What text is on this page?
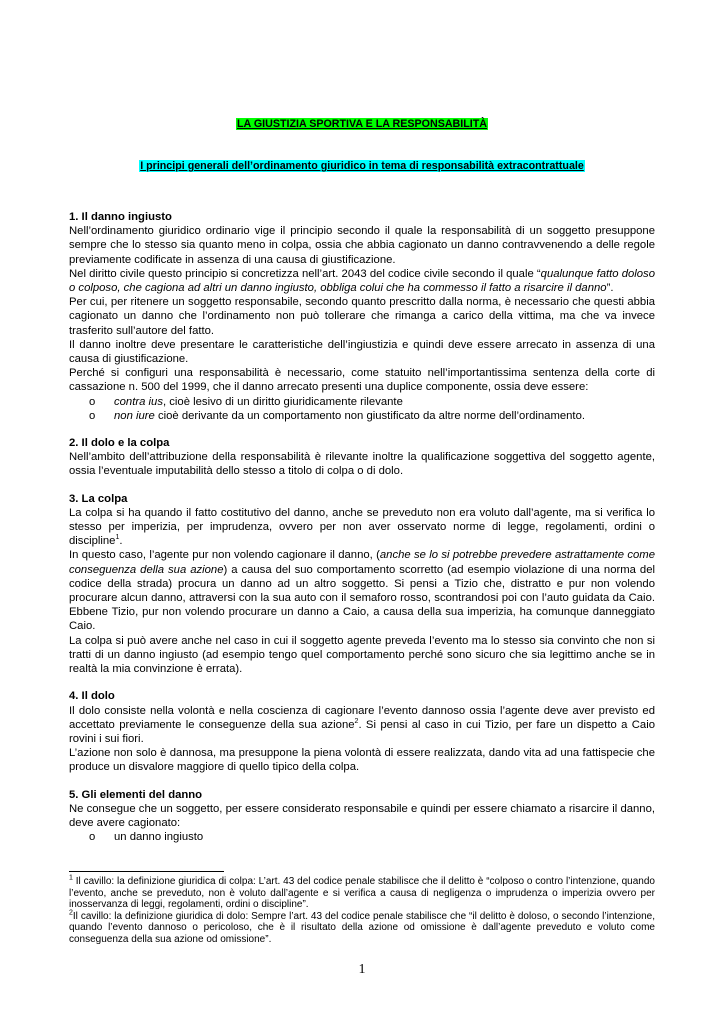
LA GIUSTIZIA SPORTIVA E LA RESPONSABILITÀ
I principi generali dell’ordinamento giuridico in tema di responsabilità extracontrattuale
1. Il danno ingiusto

Nell’ordinamento giuridico ordinario vige il principio secondo il quale la responsabilità di un soggetto presuppone sempre che lo stesso sia quanto meno in colpa, ossia che abbia cagionato un danno contravvenendo a delle regole previamente codificate in assenza di una causa di giustificazione.

Nel diritto civile questo principio si concretizza nell’art. 2043 del codice civile secondo il quale “qualunque fatto doloso o colposo, che cagiona ad altri un danno ingiusto, obbliga colui che ha commesso il fatto a risarcire il danno”.

Per cui, per ritenere un soggetto responsabile, secondo quanto prescritto dalla norma, è necessario che questi abbia cagionato un danno che l’ordinamento non può tollerare che rimanga a carico della vittima, ma che va invece trasferito sull’autore del fatto.

Il danno inoltre deve presentare le caratteristiche dell’ingiustizia e quindi deve essere arrecato in assenza di una causa di giustificazione.

Perché si configuri una responsabilità è necessario, come statuito nell’importantissima sentenza della corte di cassazione n. 500 del 1999, che il danno arrecato presenti una duplice componente, ossia deve essere:

o contra ius, cioè lesivo di un diritto giuridicamente rilevante
o non iure cioè derivante da un comportamento non giustificato da altre norme dell’ordinamento.
2. Il dolo e la colpa

Nell’ambito dell’attribuzione della responsabilità è rilevante inoltre la qualificazione soggettiva del soggetto agente, ossia l’eventuale imputabilità dello stesso a titolo di colpa o di dolo.

3. La colpa

La colpa si ha quando il fatto costitutivo del danno, anche se preveduto non era voluto dall’agente, ma si verifica lo stesso per imperizia, per imprudenza, ovvero per non aver osservato norme di legge, regolamenti, ordini o discipline$^1$.

In questo caso, l’agente pur non volendo cagionare il danno, (anche se lo si potrebbe prevedere astrattamente come conseguenza della sua azione) a causa del suo comportamento scorretto (ad esempio violazione di una norma del codice della strada) procura un danno ad un altro soggetto. Si pensi a Tizio che, distratto e pur non volendo procurare alcun danno, attraversi con la sua auto con il semaforo rosso, scontrandosi poi con l’auto guidata da Caio. Ebbene Tizio, pur non volendo procurare un danno a Caio, a causa della sua imperizia, ha comunque danneggiato Caio.

La colpa si può avere anche nel caso in cui il soggetto agente preveda l’evento ma lo stesso sia convinto che non si tratti di un danno ingiusto (ad esempio tengo quel comportamento perché sono sicuro che sia legittimo anche se in realtà la mia convinzione è errata).

4. Il dolo

Il dolo consiste nella volontà e nella coscienza di cagionare l’evento dannoso ossia l’agente deve aver previsto ed accettato previamente le conseguenze della sua azione$^2$. Si pensi al caso in cui Tizio, per fare un dispetto a Caio rovini i sui fiori.

L’azione non solo è dannosa, ma presuppone la piena volontà di essere realizzata, dando vita ad una fattispecie che produce un disvalore maggiore di quello tipico della colpa.

5. Gli elementi del danno

Ne consegue che un soggetto, per essere considerato responsabile e quindi per essere chiamato a risarcire il danno, deve avere cagionato:

o un danno ingiusto

$^1$ Il cavillo: la definizione giuridica di colpa: L’art. 43 del codice penale stabilisce che il delitto è “colposo o contro l’intenzione, quando l’evento, anche se preveduto, non è voluto dall’agente e si verifica a causa di negligenza o imprudenza o imperizia ovvero per inosservanza di leggi, regolamenti, ordini o discipline”.

$^2$Il cavillo: la definizione giuridica di dolo: Sempre l’art. 43 del codice penale stabilisce che “il delitto è doloso, o secondo l’intenzione, quando l’evento dannoso o pericoloso, che è il risultato della azione od omissione è dall’agente preveduto e voluto come conseguenza della sua azione od omissione”.

1
